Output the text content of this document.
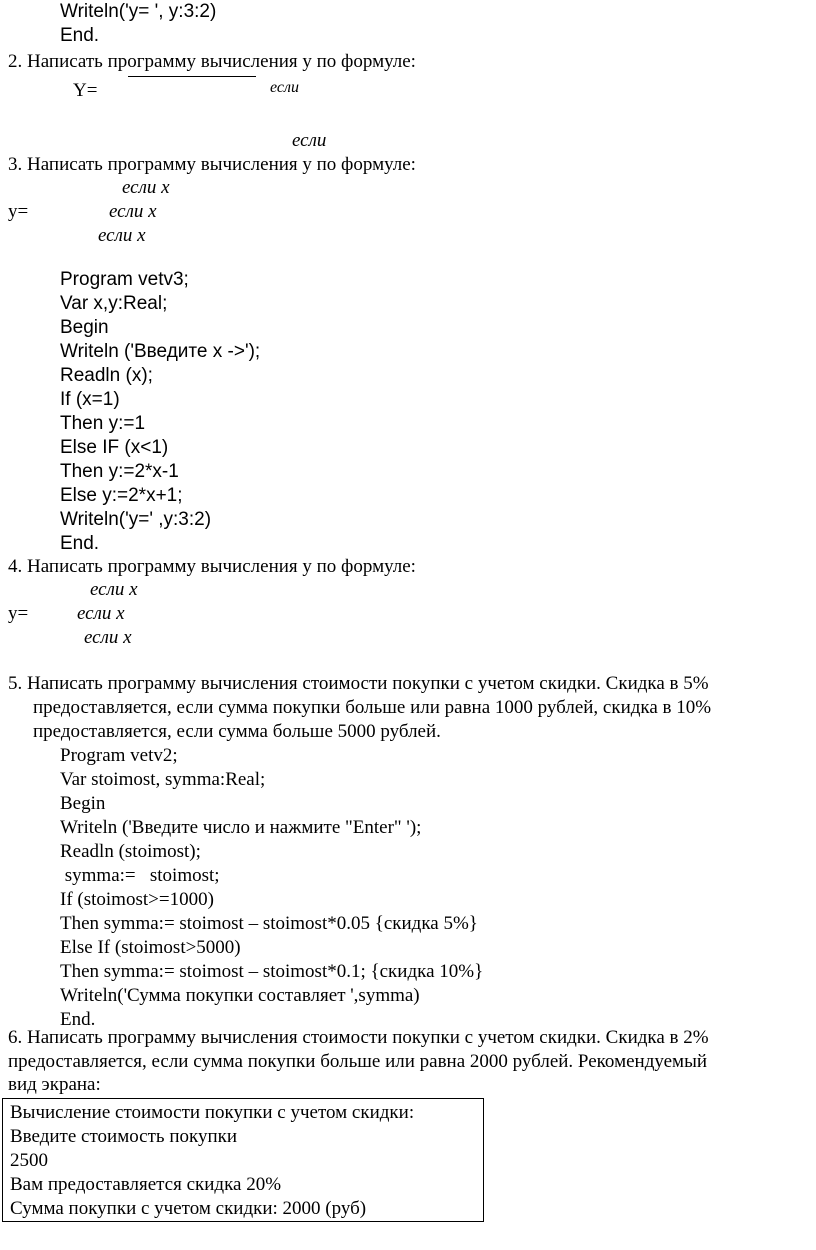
Writeln('y= ', y:3:2)
End.
2. Написать программу вычисления у по формуле:
Y=	если
если
3. Написать программу вычисления у по формуле:
если x
y=	если x
если x
Program vetv3;
Var x,y:Real;
Begin
Writeln ('Введите x ->');
Readln (x);
If (x=1)
Then y:=1
Else IF (x<1)
Then y:=2*x-1
Else y:=2*x+1;
Writeln('y=' ,y:3:2)
End.
4. Написать программу вычисления у по формуле:
если x
y=	если x
если x
5. Написать программу вычисления стоимости покупки с учетом скидки. Скидка в 5%
предоставляется, если сумма покупки больше или равна 1000 рублей, скидка в 10%
предоставляется, если сумма больше 5000 рублей.
Program vetv2;
Var stoimost, symma:Real;
Begin
Writeln ('Введите число и нажмите "Enter" ');
Readln (stoimost);
symma:=   stoimost;
If (stoimost>=1000)
Then symma:= stoimost – stoimost*0.05 {скидка 5%}
Else If (stoimost>5000)
Then symma:= stoimost – stoimost*0.1; {скидка 10%}
Writeln('Сумма покупки составляет ',symma)
End.
6. Написать программу вычисления стоимости покупки с учетом скидки. Скидка в 2%
предоставляется, если сумма покупки больше или равна 2000 рублей. Рекомендуемый
вид экрана:
Вычисление стоимости покупки с учетом скидки:
Введите стоимость покупки
2500
Вам предоставляется скидка 20%
Сумма покупки с учетом скидки: 2000 (руб)
